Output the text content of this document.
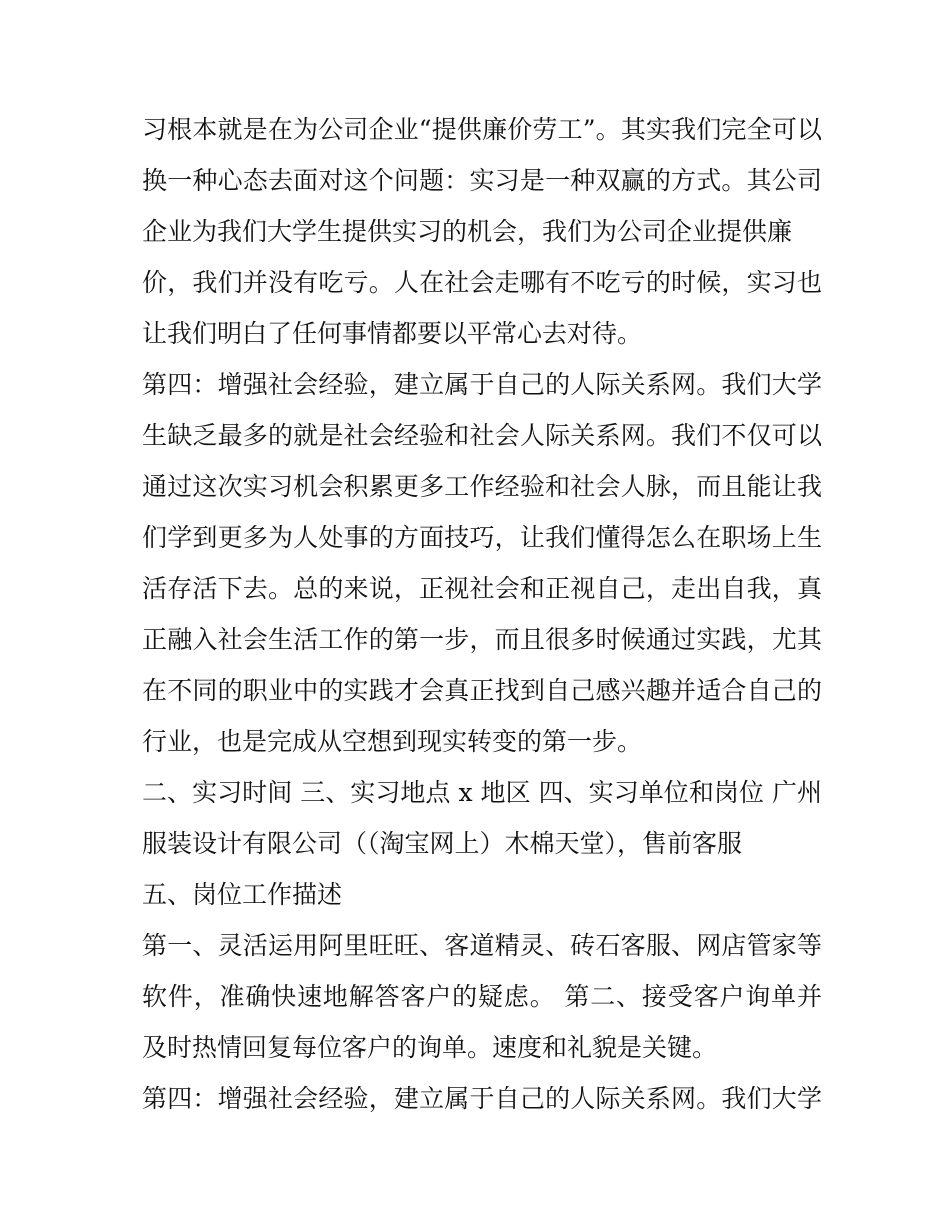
习根本就是在为公司企业“提供廉价劳工”。其实我们完全可以
换一种心态去面对这个问题：实习是一种双赢的方式。其公司
企业为我们大学生提供实习的机会，我们为公司企业提供廉
价，我们并没有吃亏。人在社会走哪有不吃亏的时候，实习也
让我们明白了任何事情都要以平常心去对待。
第四：增强社会经验，建立属于自己的人际关系网。我们大学
生缺乏最多的就是社会经验和社会人际关系网。我们不仅可以
通过这次实习机会积累更多工作经验和社会人脉，而且能让我
们学到更多为人处事的方面技巧，让我们懂得怎么在职场上生
活存活下去。总的来说，正视社会和正视自己，走出自我，真
正融入社会生活工作的第一步，而且很多时候通过实践，尤其
在不同的职业中的实践才会真正找到自己感兴趣并适合自己的
行业，也是完成从空想到现实转变的第一步。
二、实习时间 三、实习地点 x 地区 四、实习单位和岗位 广州
服装设计有限公司（（淘宝网上）木棉天堂），售前客服
五、岗位工作描述
第一、灵活运用阿里旺旺、客道精灵、砖石客服、网店管家等
软件，准确快速地解答客户的疑虑。 第二、接受客户询单并
及时热情回复每位客户的询单。速度和礼貌是关键。
第四：增强社会经验，建立属于自己的人际关系网。我们大学
